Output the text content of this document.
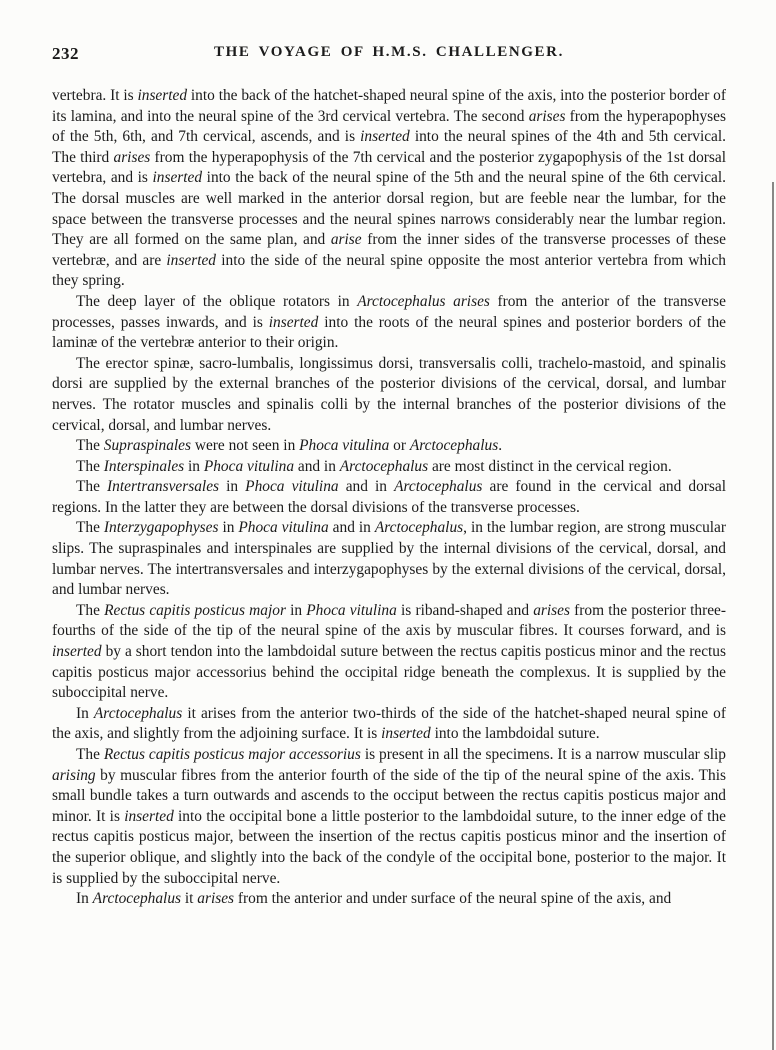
232	THE VOYAGE OF H.M.S. CHALLENGER.

vertebra. It is inserted into the back of the hatchet-shaped neural spine of the axis, into the posterior border of its lamina, and into the neural spine of the 3rd cervical vertebra. The second arises from the hyperapophyses of the 5th, 6th, and 7th cervical, ascends, and is inserted into the neural spines of the 4th and 5th cervical. The third arises from the hyperapophysis of the 7th cervical and the posterior zygapophysis of the 1st dorsal vertebra, and is inserted into the back of the neural spine of the 5th and the neural spine of the 6th cervical. The dorsal muscles are well marked in the anterior dorsal region, but are feeble near the lumbar, for the space between the transverse processes and the neural spines narrows considerably near the lumbar region. They are all formed on the same plan, and arise from the inner sides of the transverse processes of these vertebræ, and are inserted into the side of the neural spine opposite the most anterior vertebra from which they spring.

The deep layer of the oblique rotators in Arctocephalus arises from the anterior of the transverse processes, passes inwards, and is inserted into the roots of the neural spines and posterior borders of the laminæ of the vertebræ anterior to their origin.

The erector spinæ, sacro-lumbalis, longissimus dorsi, transversalis colli, trachelo-mastoid, and spinalis dorsi are supplied by the external branches of the posterior divisions of the cervical, dorsal, and lumbar nerves. The rotator muscles and spinalis colli by the internal branches of the posterior divisions of the cervical, dorsal, and lumbar nerves.

The Supraspinales were not seen in Phoca vitulina or Arctocephalus.

The Interspinales in Phoca vitulina and in Arctocephalus are most distinct in the cervical region.

The Intertransversales in Phoca vitulina and in Arctocephalus are found in the cervical and dorsal regions. In the latter they are between the dorsal divisions of the transverse processes.

The Interzygapophyses in Phoca vitulina and in Arctocephalus, in the lumbar region, are strong muscular slips. The supraspinales and interspinales are supplied by the internal divisions of the cervical, dorsal, and lumbar nerves. The intertransversales and interzygapophyses by the external divisions of the cervical, dorsal, and lumbar nerves.

The Rectus capitis posticus major in Phoca vitulina is riband-shaped and arises from the posterior three-fourths of the side of the tip of the neural spine of the axis by muscular fibres. It courses forward, and is inserted by a short tendon into the lambdoidal suture between the rectus capitis posticus minor and the rectus capitis posticus major accessorius behind the occipital ridge beneath the complexus. It is supplied by the suboccipital nerve.

In Arctocephalus it arises from the anterior two-thirds of the side of the hatchet-shaped neural spine of the axis, and slightly from the adjoining surface. It is inserted into the lambdoidal suture.

The Rectus capitis posticus major accessorius is present in all the specimens. It is a narrow muscular slip arising by muscular fibres from the anterior fourth of the side of the tip of the neural spine of the axis. This small bundle takes a turn outwards and ascends to the occiput between the rectus capitis posticus major and minor. It is inserted into the occipital bone a little posterior to the lambdoidal suture, to the inner edge of the rectus capitis posticus major, between the insertion of the rectus capitis posticus minor and the insertion of the superior oblique, and slightly into the back of the condyle of the occipital bone, posterior to the major. It is supplied by the suboccipital nerve.

In Arctocephalus it arises from the anterior and under surface of the neural spine of the axis, and
